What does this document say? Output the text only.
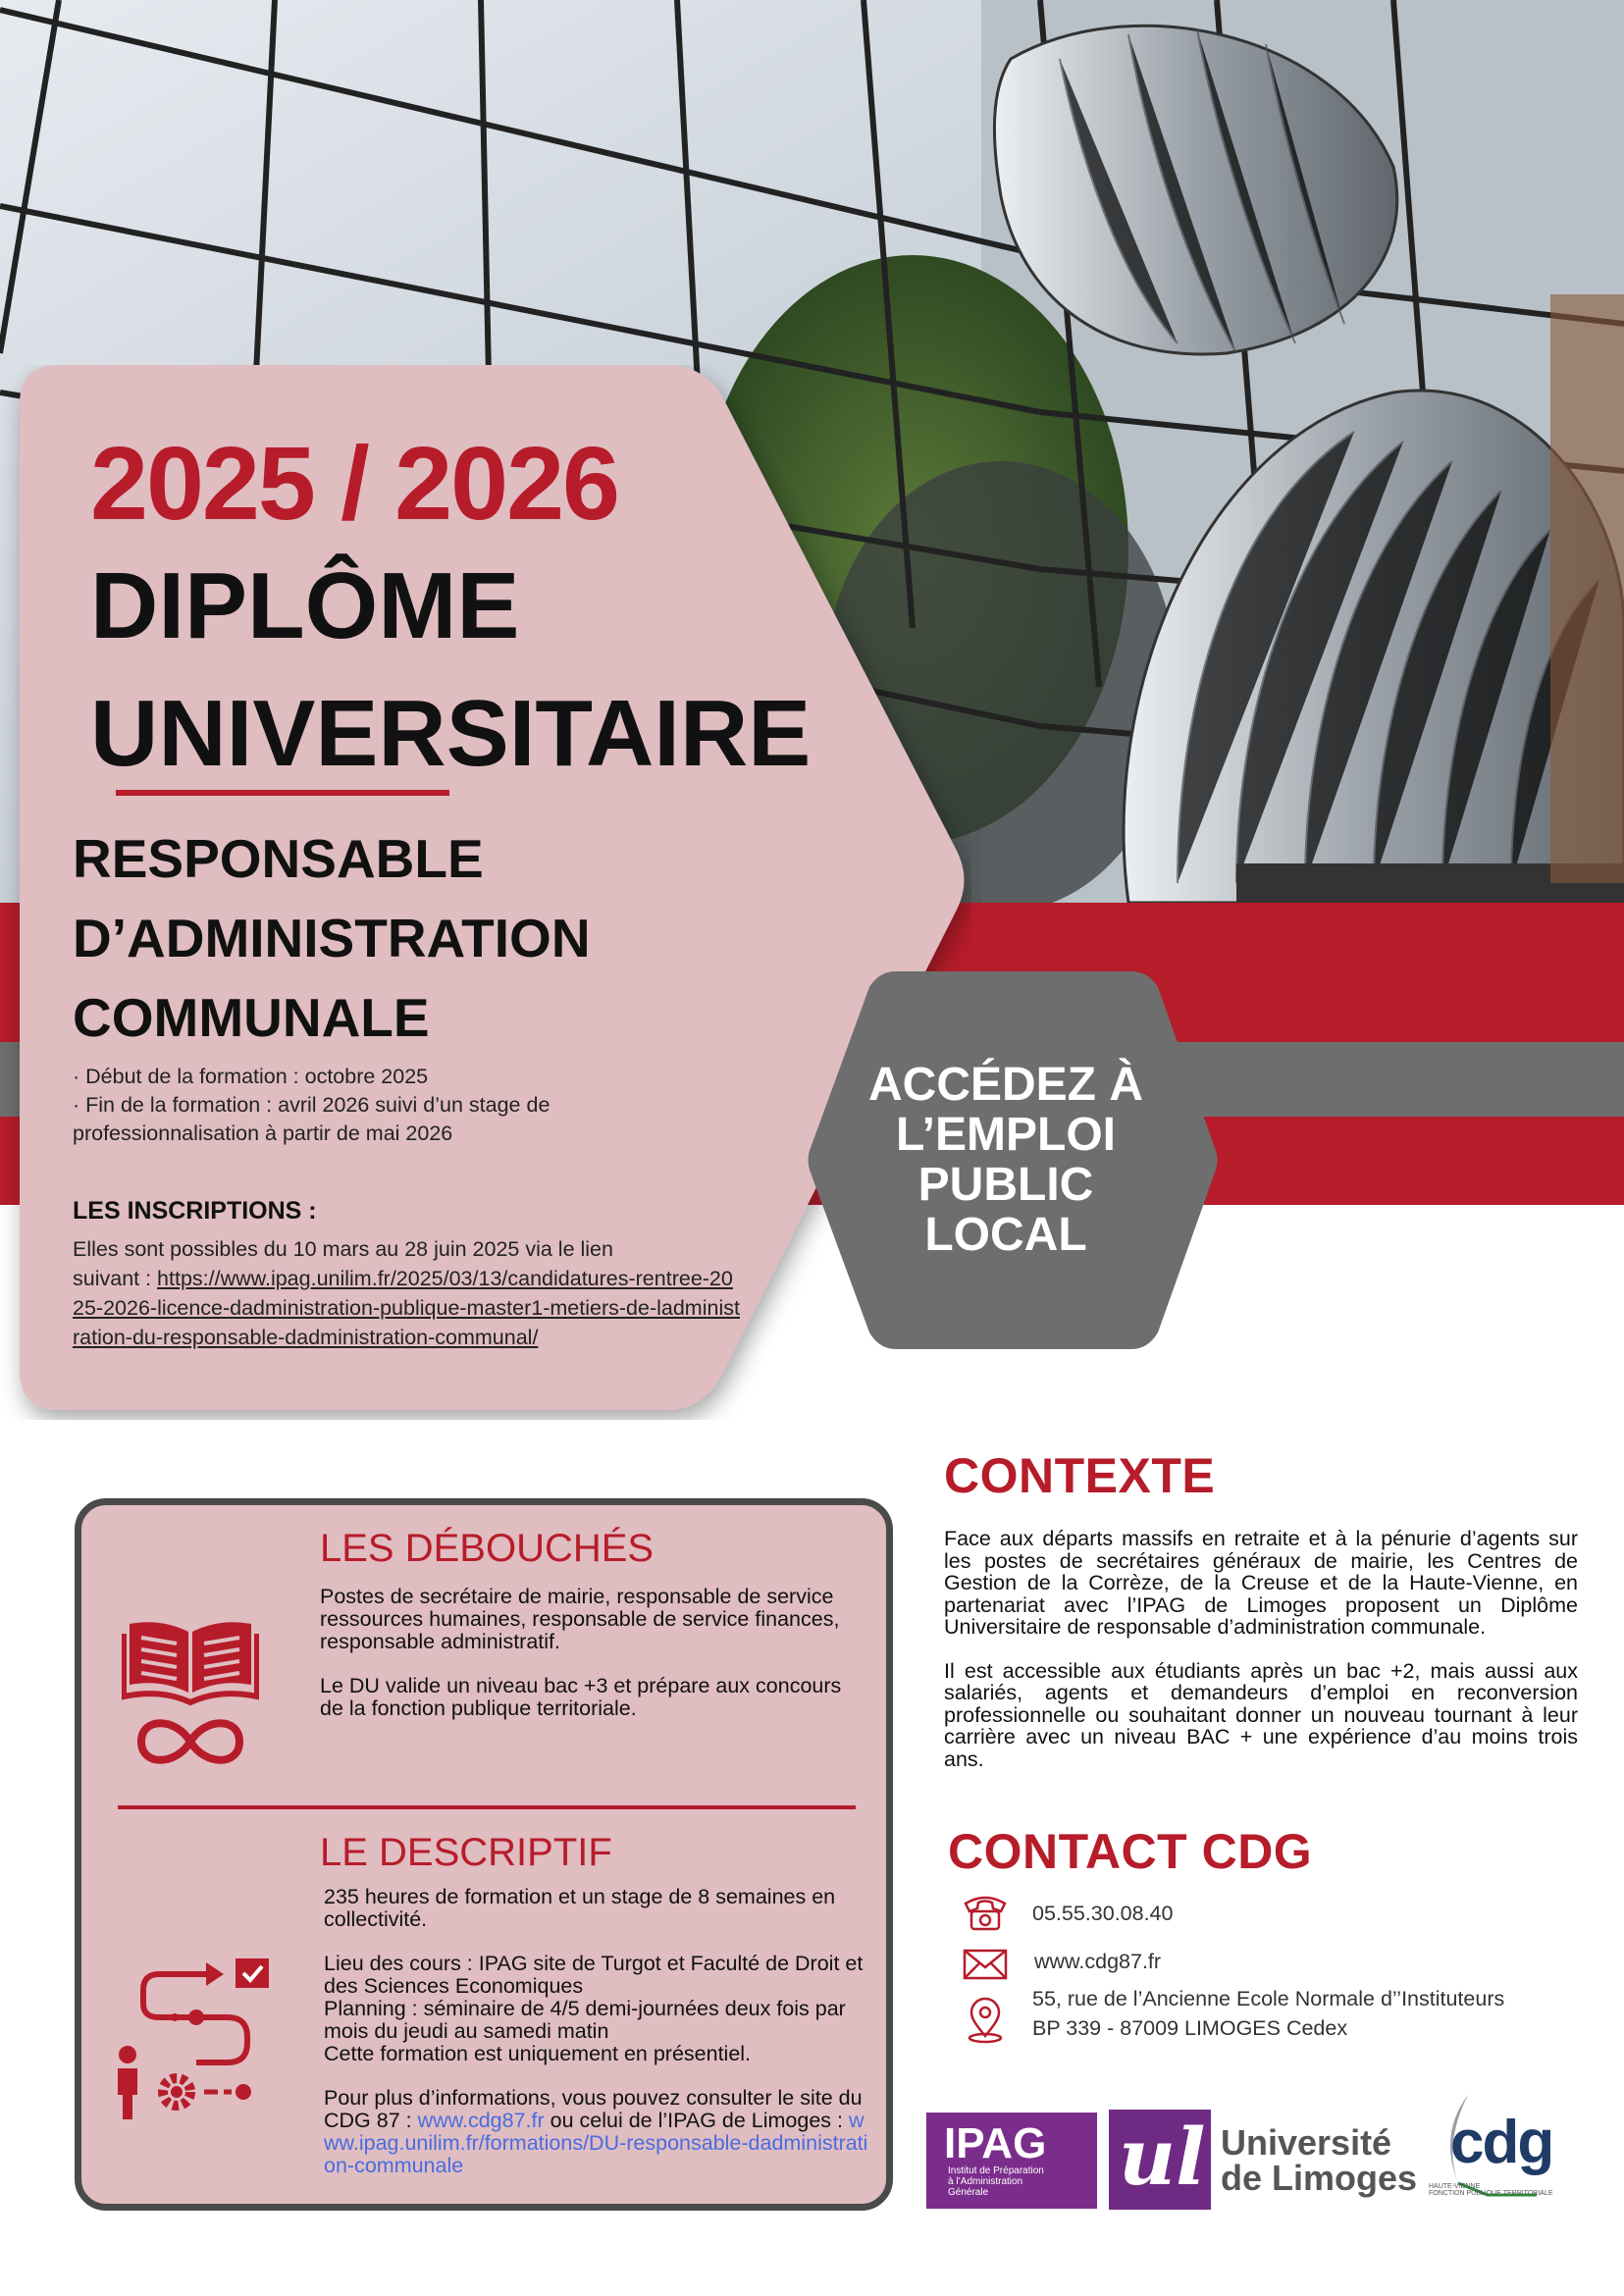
2025 / 2026
DIPLÔME
UNIVERSITAIRE
RESPONSABLE
D’ADMINISTRATION
COMMUNALE
· Début de la formation : octobre 2025
· Fin de la formation : avril 2026 suivi d’un stage de
professionnalisation à partir de mai 2026
LES INSCRIPTIONS :
Elles sont possibles du 10 mars au 28 juin 2025 via le lien
suivant : https://www.ipag.unilim.fr/2025/03/13/candidatures-rentree-2025-2026-licence-dadministration-publique-master1-metiers-de-ladministration-du-responsable-dadministration-communal/
ACCÉDEZ À
L’EMPLOI
PUBLIC
LOCAL
LES DÉBOUCHÉS
Postes de secrétaire de mairie, responsable de service ressources humaines, responsable de service finances, responsable administratif.
Le DU valide un niveau bac +3 et prépare aux concours de la fonction publique territoriale.
LE DESCRIPTIF
235 heures de formation et un stage de 8 semaines en collectivité.
Lieu des cours : IPAG site de Turgot et Faculté de Droit et des Sciences Economiques
Planning : séminaire de 4/5 demi-journées deux fois par mois du jeudi au samedi matin
Cette formation est uniquement en présentiel.
Pour plus d’informations, vous pouvez consulter le site du CDG 87 : www.cdg87.fr ou celui de l’IPAG de Limoges : www.ipag.unilim.fr/formations/DU-responsable-dadministration-communale
CONTEXTE
Face aux départs massifs en retraite et à la pénurie d’agents sur les postes de secrétaires généraux de mairie, les Centres de Gestion de la Corrèze, de la Creuse et de la Haute-Vienne, en partenariat avec l’IPAG de Limoges proposent un Diplôme Universitaire de responsable d’administration communale.
Il est accessible aux étudiants après un bac +2, mais aussi aux salariés, agents et demandeurs d’emploi en reconversion professionnelle ou souhaitant donner un nouveau tournant à leur carrière avec un niveau BAC + une expérience d’au moins trois ans.
CONTACT CDG
05.55.30.08.40
www.cdg87.fr
55, rue de l’Ancienne Ecole Normale d’’Instituteurs
BP 339 - 87009 LIMOGES Cedex
IPAG
Institut de Préparation
à l’Administration
Générale	ul Université
de Limoges
cdg
HAUTE-VIENNE
FONCTION PUBLIQUE TERRITORIALE
